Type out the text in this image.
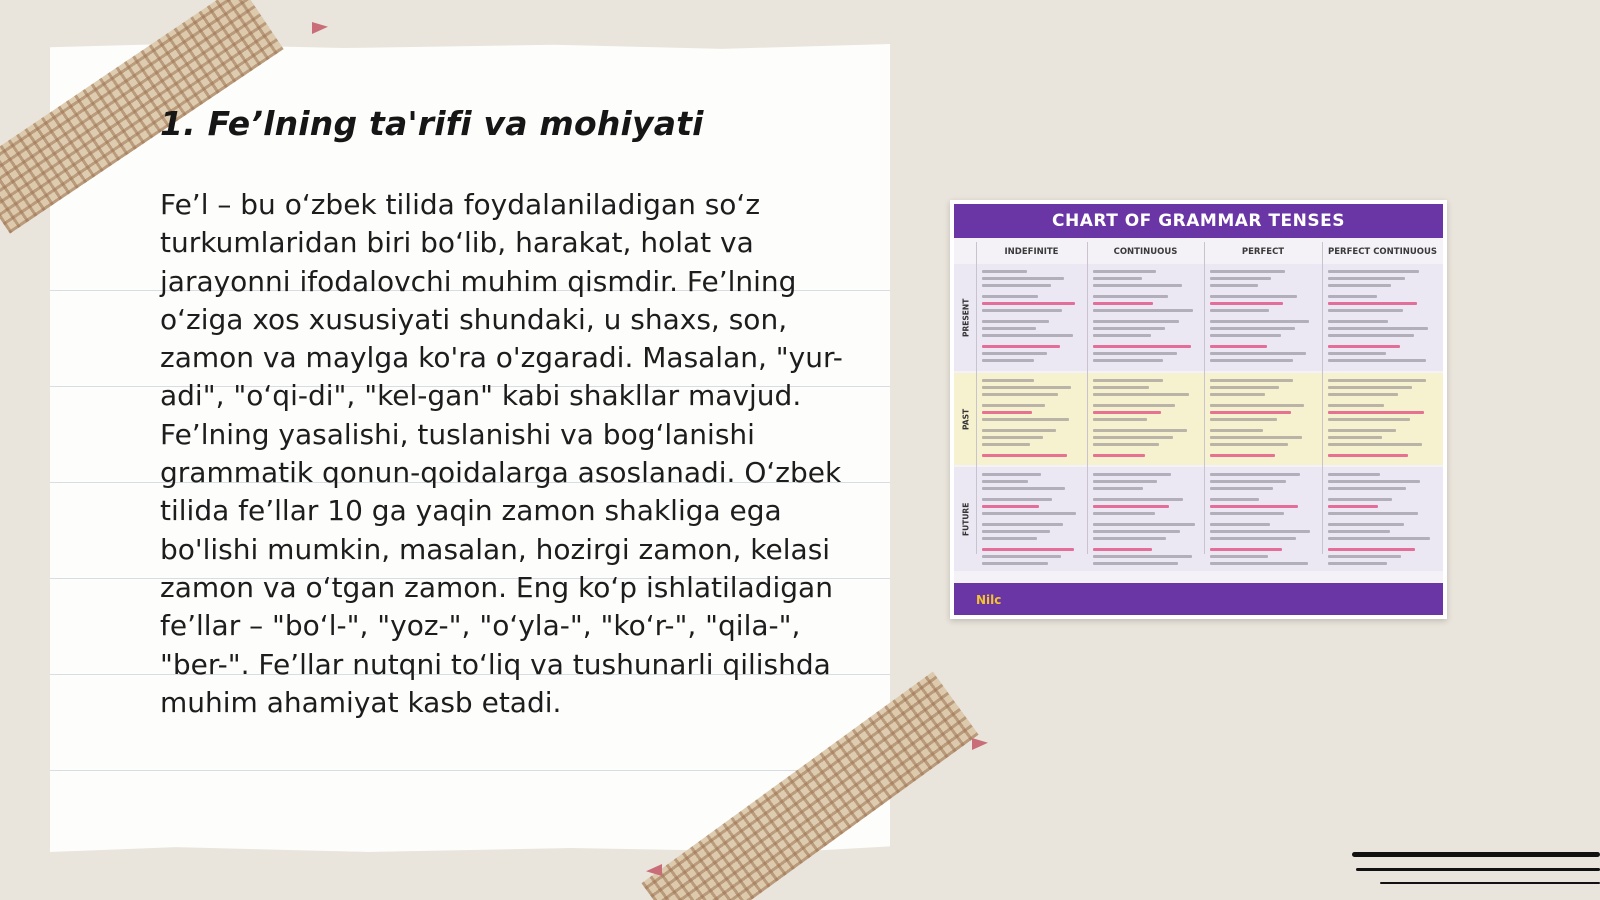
1. Fe’lning ta'rifi va mohiyati

Fe’l – bu o‘zbek tilida foydalaniladigan so‘z turkumlaridan biri bo‘lib, harakat, holat va jarayonni ifodalovchi muhim qismdir. Fe’lning o‘ziga xos xususiyati shundaki, u shaxs, son, zamon va maylga ko'ra o'zgaradi. Masalan, "yur-adi", "o‘qi-di", "kel-gan" kabi shakllar mavjud. Fe’lning yasalishi, tuslanishi va bog‘lanishi grammatik qonun-qoidalarga asoslanadi. O‘zbek tilida fe’llar 10 ga yaqin zamon shakliga ega bo'lishi mumkin, masalan, hozirgi zamon, kelasi zamon va o‘tgan zamon. Eng ko‘p ishlatiladigan fe’llar – "bo‘l-", "yoz-", "o‘yla-", "ko‘r-", "qila-", "ber-". Fe’llar nutqni to‘liq va tushunarli qilishda muhim ahamiyat kasb etadi.

CHART OF GRAMMAR TENSES
INDEFINITE	CONTINUOUS	PERFECT	PERFECT CONTINUOUS
PRESENT
PAST
FUTURE
Nilc
